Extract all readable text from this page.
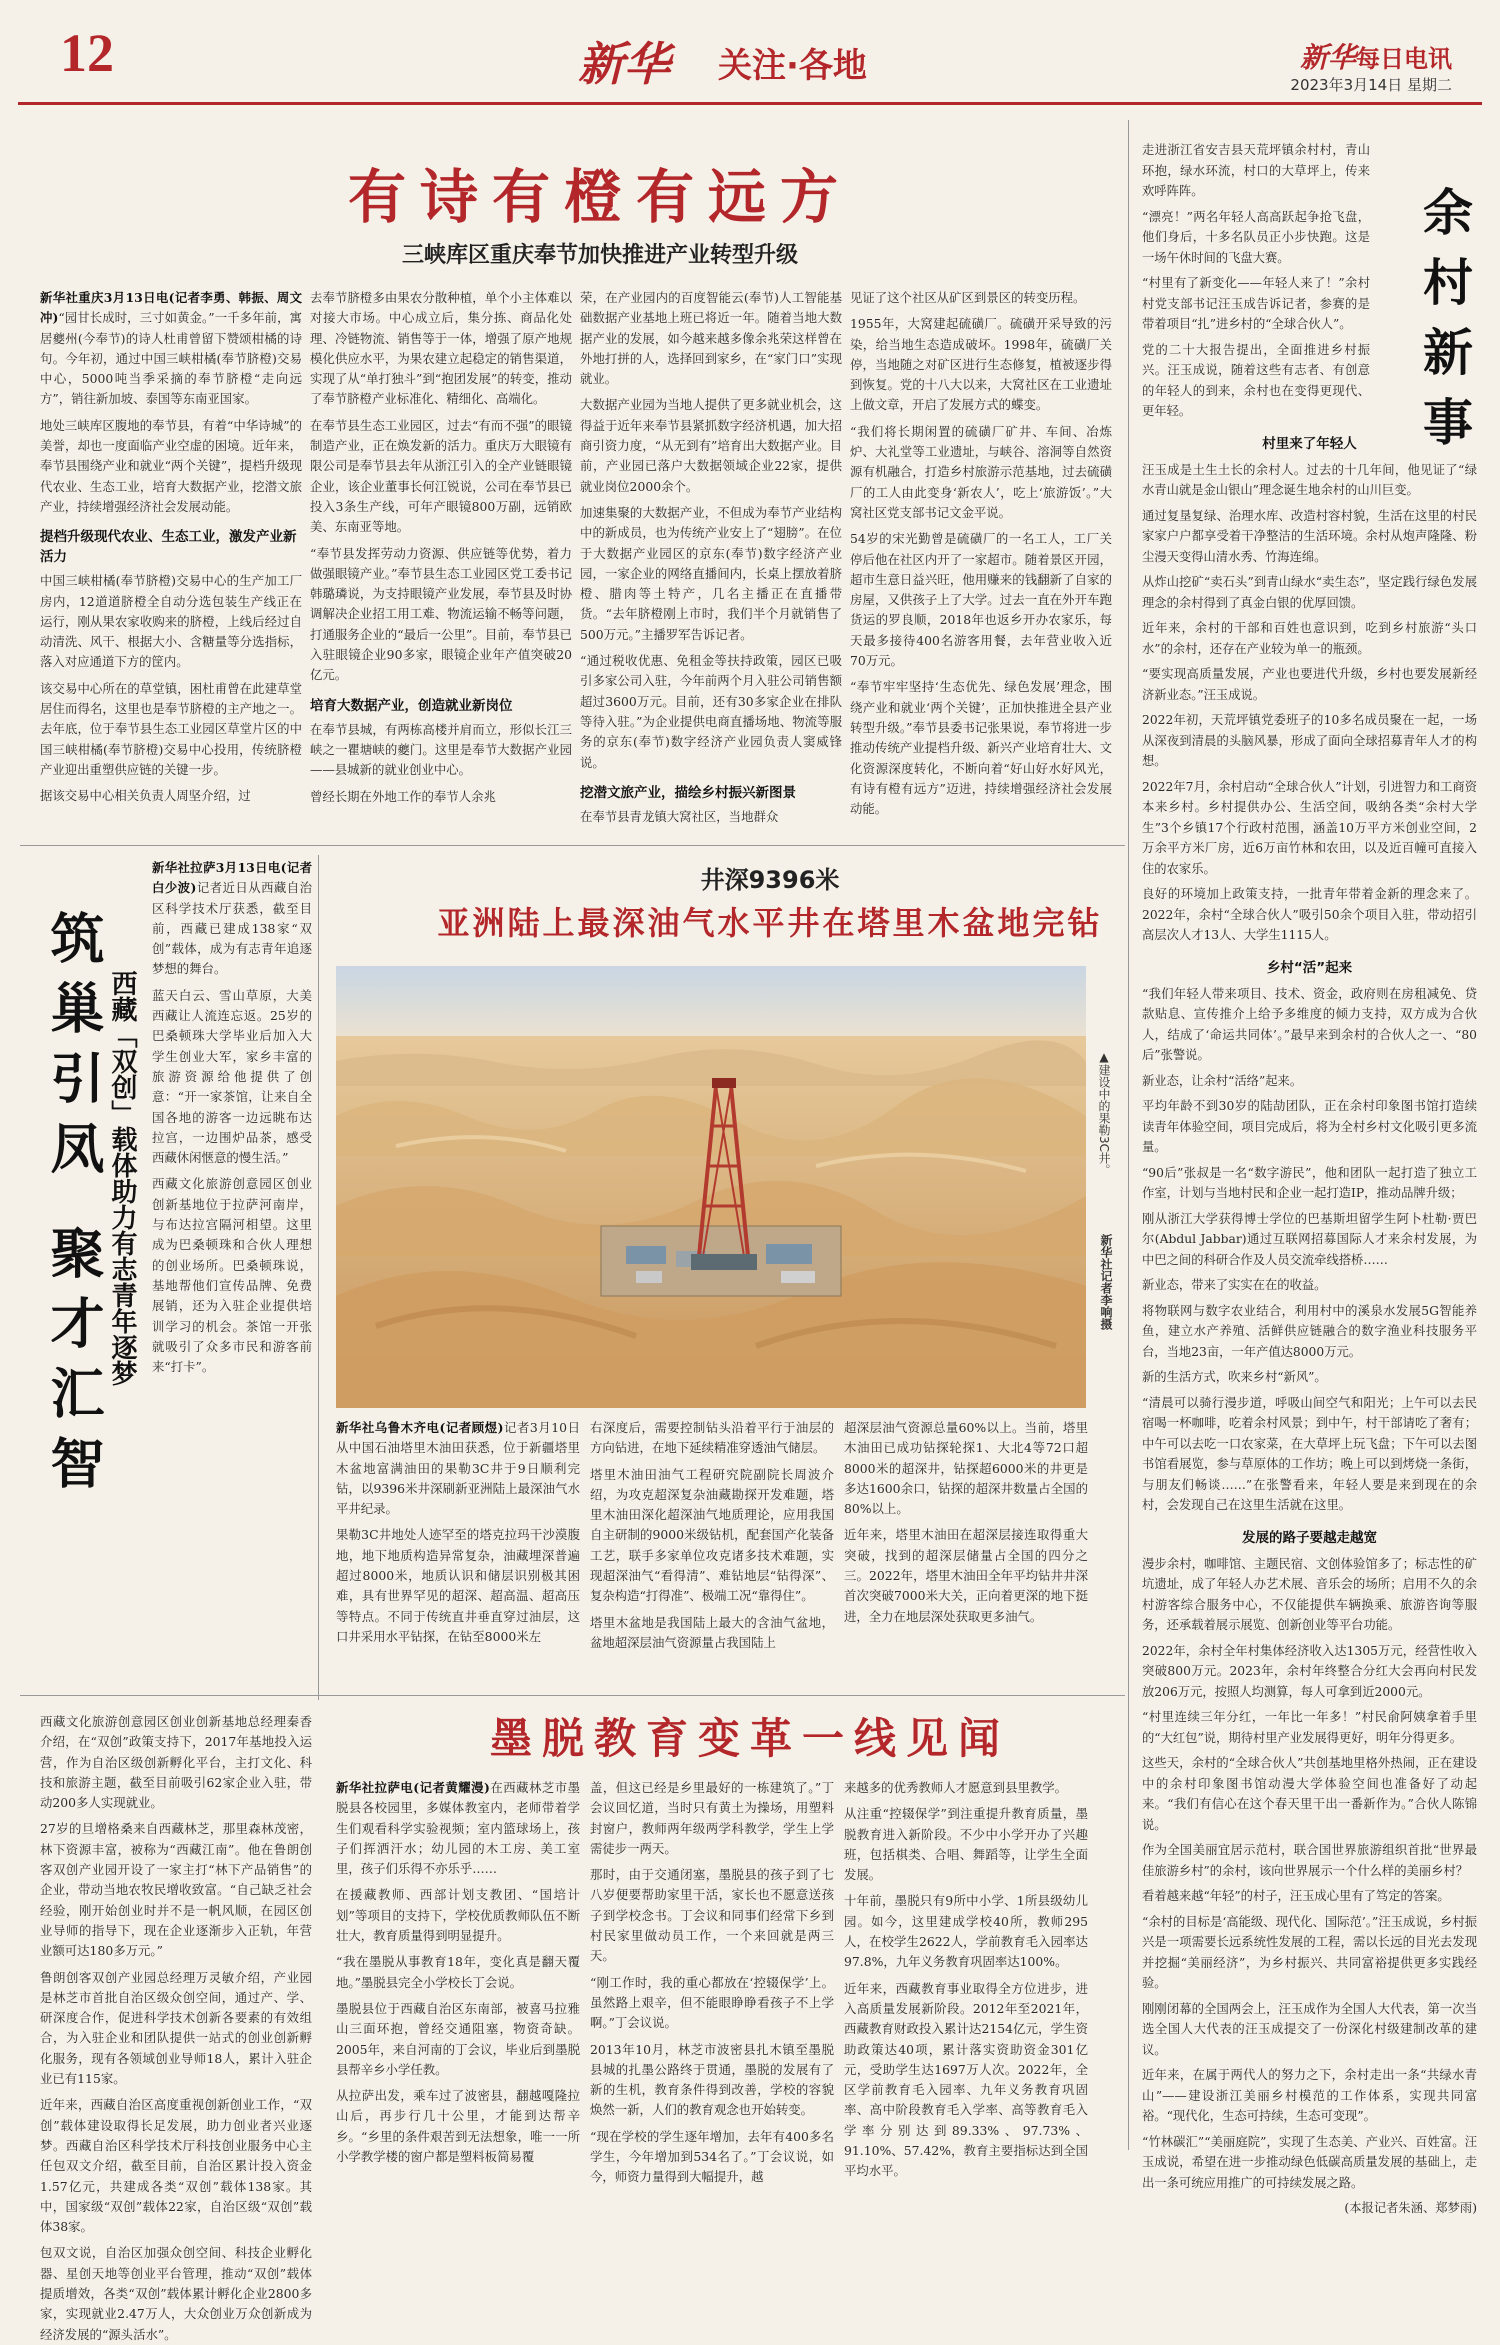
12	新华 关注·各地	新华每日电讯
2023年3月14日 星期二
有诗有橙有远方
三峡库区重庆奉节加快推进产业转型升级

新华社重庆3月13日电(记者李勇、韩振、周文冲)“园甘长成时，三寸如黄金。”一千多年前，寓居夔州(今奉节)的诗人杜甫曾留下赞颂柑橘的诗句。今年初，通过中国三峡柑橘(奉节脐橙)交易中心，5000吨当季采摘的奉节脐橙“走向远方”，销往新加坡、泰国等东南亚国家。

地处三峡库区腹地的奉节县，有着“中华诗城”的美誉，却也一度面临产业空虚的困境。近年来，奉节县围绕产业和就业“两个关键”，提档升级现代农业、生态工业，培育大数据产业，挖潜文旅产业，持续增强经济社会发展动能。

提档升级现代农业、生态工业，激发产业新活力

中国三峡柑橘(奉节脐橙)交易中心的生产加工厂房内，12道道脐橙全自动分选包装生产线正在运行，刚从果农家收购来的脐橙，上线后经过自动清洗、风干、根据大小、含糖量等分选指标，落入对应通道下方的筐内。

该交易中心所在的草堂镇，困杜甫曾在此建草堂居住而得名，这里也是奉节脐橙的主产地之一。去年底，位于奉节县生态工业园区草堂片区的中国三峡柑橘(奉节脐橙)交易中心投用，传统脐橙产业迎出重塑供应链的关键一步。

据该交易中心相关负责人周坚介绍，过

去奉节脐橙多由果农分散种植，单个小主体难以对接大市场。中心成立后，集分拣、商品化处理、冷链物流、销售等于一体，增强了原产地规模化供应水平，为果农建立起稳定的销售渠道，实现了从“单打独斗”到“抱团发展”的转变，推动了奉节脐橙产业标准化、精细化、高端化。

在奉节县生态工业园区，过去“有而不强”的眼镜制造产业，正在焕发新的活力。重庆万大眼镜有限公司是奉节县去年从浙江引入的全产业链眼镜企业，该企业董事长何江锐说，公司在奉节县已投入3条生产线，可年产眼镜800万副，远销欧美、东南亚等地。

“奉节县发挥劳动力资源、供应链等优势，着力做强眼镜产业。”奉节县生态工业园区党工委书记韩璐璘说，为支持眼镜产业发展，奉节县及时协调解决企业招工用工难、物流运输不畅等问题，打通服务企业的“最后一公里”。目前，奉节县已入驻眼镜企业90多家，眼镜企业年产值突破20亿元。

培育大数据产业，创造就业新岗位

在奉节县城，有两栋高楼并肩而立，形似长江三峡之一瞿塘峡的夔门。这里是奉节大数据产业园——县城新的就业创业中心。

曾经长期在外地工作的奉节人余兆

荣，在产业园内的百度智能云(奉节)人工智能基础数据产业基地上班已将近一年。随着当地大数据产业的发展，如今越来越多像余兆荣这样曾在外地打拼的人，选择回到家乡，在“家门口”实现就业。

大数据产业园为当地人提供了更多就业机会，这得益于近年来奉节县紧抓数字经济机遇，加大招商引资力度，“从无到有”培育出大数据产业。目前，产业园已落户大数据领域企业22家，提供就业岗位2000余个。

加速集聚的大数据产业，不但成为奉节产业结构中的新成员，也为传统产业安上了“翅膀”。在位于大数据产业园区的京东(奉节)数字经济产业园，一家企业的网络直播间内，长桌上摆放着脐橙、腊肉等土特产，几名主播正在直播带货。“去年脐橙刚上市时，我们半个月就销售了500万元。”主播罗军告诉记者。

“通过税收优惠、免租金等扶持政策，园区已吸引多家公司入驻，今年前两个月入驻公司销售额超过3600万元。目前，还有30多家企业在排队等待入驻。”为企业提供电商直播场地、物流等服务的京东(奉节)数字经济产业园负责人窦威锋说。

挖潜文旅产业，描绘乡村振兴新图景

在奉节县青龙镇大窝社区，当地群众

见证了这个社区从矿区到景区的转变历程。

1955年，大窝建起硫磺厂。硫磺开采导致的污染，给当地生态造成破坏。1998年，硫磺厂关停，当地随之对矿区进行生态修复，植被逐步得到恢复。党的十八大以来，大窝社区在工业遗址上做文章，开启了发展方式的蝶变。

“我们将长期闲置的硫磺厂矿井、车间、冶炼炉、大礼堂等工业遗址，与峡谷、溶洞等自然资源有机融合，打造乡村旅游示范基地，过去硫磺厂的工人由此变身‘新农人’，吃上‘旅游饭’。”大窝社区党支部书记文金平说。

54岁的宋光勤曾是硫磺厂的一名工人，工厂关停后他在社区内开了一家超市。随着景区开园，超市生意日益兴旺，他用赚来的钱翻新了自家的房屋，又供孩子上了大学。过去一直在外开车跑货运的罗良顺，2018年也返乡开办农家乐，每天最多接待400名游客用餐，去年营业收入近70万元。

“奉节牢牢坚持‘生态优先、绿色发展’理念，围绕产业和就业‘两个关键’，正加快推进全县产业转型升级。”奉节县委书记张果说，奉节将进一步推动传统产业提档升级、新兴产业培育壮大、文化资源深度转化，不断向着“好山好水好风光，有诗有橙有远方”迈进，持续增强经济社会发展动能。

筑巢引凤 聚才汇智 西藏「双创」载体助力有志青年逐梦

新华社拉萨3月13日电(记者白少波)记者近日从西藏自治区科学技术厅获悉，截至目前，西藏已建成138家“双创”载体，成为有志青年追逐梦想的舞台。

蓝天白云、雪山草原，大美西藏让人流连忘返。25岁的巴桑顿珠大学毕业后加入大学生创业大军，家乡丰富的旅游资源给他提供了创意：“开一家茶馆，让来自全国各地的游客一边远眺布达拉宫，一边围炉品茶，感受西藏休闲惬意的慢生活。”

西藏文化旅游创意园区创业创新基地位于拉萨河南岸，与布达拉宫隔河相望。这里成为巴桑顿珠和合伙人理想的创业场所。巴桑顿珠说，基地帮他们宣传品牌、免费展销，还为入驻企业提供培训学习的机会。茶馆一开张就吸引了众多市民和游客前来“打卡”。

西藏文化旅游创意园区创业创新基地总经理秦香介绍，在“双创”政策支持下，2017年基地投入运营，作为自治区级创新孵化平台，主打文化、科技和旅游主题，截至目前吸引62家企业入驻，带动200多人实现就业。

27岁的旦增格桑来自西藏林芝，那里森林茂密，林下资源丰富，被称为“西藏江南”。他在鲁朗创客双创产业园开设了一家主打“林下产品销售”的企业，带动当地农牧民增收致富。“自己缺乏社会经验，刚开始创业时并不是一帆风顺，在园区创业导师的指导下，现在企业逐渐步入正轨，年营业额可达180多万元。”

鲁朗创客双创产业园总经理万灵敏介绍，产业园是林芝市首批自治区级众创空间，通过产、学、研深度合作，促进科学技术创新各要素的有效组合，为入驻企业和团队提供一站式的创业创新孵化服务，现有各领域创业导师18人，累计入驻企业已有115家。

近年来，西藏自治区高度重视创新创业工作，“双创”载体建设取得长足发展，助力创业者兴业逐梦。西藏自治区科学技术厅科技创业服务中心主任包双文介绍，截至目前，自治区累计投入资金1.57亿元，共建成各类“双创”载体138家。其中，国家级“双创”载体22家，自治区级“双创”载体38家。

包双文说，自治区加强众创空间、科技企业孵化器、星创天地等创业平台管理，推动“双创”载体提质增效，各类“双创”载体累计孵化企业2800多家，实现就业2.47万人，大众创业万众创新成为经济发展的“源头活水”。

井深9396米
亚洲陆上最深油气水平井在塔里木盆地完钻
▲建设中的果勒3C井。
新华社记者李响摄

新华社乌鲁木齐电(记者顾煜)记者3月10日从中国石油塔里木油田获悉，位于新疆塔里木盆地富满油田的果勒3C井于9日顺利完钻，以9396米井深刷新亚洲陆上最深油气水平井纪录。

果勒3C井地处人迹罕至的塔克拉玛干沙漠腹地，地下地质构造异常复杂，油藏埋深普遍超过8000米，地质认识和储层识别极其困难，具有世界罕见的超深、超高温、超高压等特点。不同于传统直井垂直穿过油层，这口井采用水平钻探，在钻至8000米左

右深度后，需要控制钻头沿着平行于油层的方向钻进，在地下延续精准穿透油气储层。

塔里木油田油气工程研究院副院长周波介绍，为攻克超深复杂油藏勘探开发难题，塔里木油田深化超深油气地质理论，应用我国自主研制的9000米级钻机，配套国产化装备工艺，联手多家单位攻克诸多技术难题，实现超深油气“看得清”、难钻地层“钻得深”、复杂构造“打得准”、极端工况“靠得住”。

塔里木盆地是我国陆上最大的含油气盆地，盆地超深层油气资源量占我国陆上

超深层油气资源总量60%以上。当前，塔里木油田已成功钻探轮探1、大北4等72口超8000米的超深井，钻探超6000米的井更是多达1600余口，钻探的超深井数量占全国的80%以上。

近年来，塔里木油田在超深层接连取得重大突破，找到的超深层储量占全国的四分之三。2022年，塔里木油田全年平均钻井井深首次突破7000米大关，正向着更深的地下挺进，全力在地层深处获取更多油气。

墨脱教育变革一线见闻

新华社拉萨电(记者黄耀漫)在西藏林芝市墨脱县各校园里，多媒体教室内，老师带着学生们观看科学实验视频；室内篮球场上，孩子们挥洒汗水；幼儿园的木工房、美工室里，孩子们乐得不亦乐乎……

在援藏教师、西部计划支教团、“国培计划”等项目的支持下，学校优质教师队伍不断壮大，教育质量得到明显提升。

“我在墨脱从事教育18年，变化真是翻天覆地。”墨脱县完全小学校长丁会说。

墨脱县位于西藏自治区东南部，被喜马拉雅山三面环抱，曾经交通阻塞，物资奇缺。2005年，来自河南的丁会议，毕业后到墨脱县帮辛乡小学任教。

从拉萨出发，乘车过了波密县，翻越嘎隆拉山后，再步行几十公里，才能到达帮辛乡。“乡里的条件艰苦到无法想象，唯一一所小学教学楼的窗户都是塑料板简易覆

盖，但这已经是乡里最好的一栋建筑了。”丁会议回忆道，当时只有黄土为操场，用塑料封窗户，教师两年级两学科教学，学生上学需徒步一两天。

那时，由于交通闭塞，墨脱县的孩子到了七八岁便要帮助家里干活，家长也不愿意送孩子到学校念书。丁会议和同事们经常下乡到村民家里做动员工作，一个来回就是两三天。

“刚工作时，我的重心都放在‘控辍保学’上。虽然路上艰辛，但不能眼睁睁看孩子不上学啊。”丁会议说。

2013年10月，林芝市波密县扎木镇至墨脱县城的扎墨公路终于贯通，墨脱的发展有了新的生机，教育条件得到改善，学校的容貌焕然一新，人们的教育观念也开始转变。

“现在学校的学生逐年增加，去年有400多名学生，今年增加到534名了。”丁会议说，如今，师资力量得到大幅提升，越

来越多的优秀教师人才愿意到县里教学。

从注重“控辍保学”到注重提升教育质量，墨脱教育进入新阶段。不少中小学开办了兴趣班，包括棋类、合唱、舞蹈等，让学生全面发展。

十年前，墨脱只有9所中小学、1所县级幼儿园。如今，这里建成学校40所，教师295人，在校学生2622人，学前教育毛入园率达97.8%，九年义务教育巩固率达100%。

近年来，西藏教育事业取得全方位进步，进入高质量发展新阶段。2012年至2021年，西藏教育财政投入累计达2154亿元，学生资助政策达40项，累计落实资助资金301亿元，受助学生达1697万人次。2022年，全区学前教育毛入园率、九年义务教育巩固率、高中阶段教育毛入学率、高等教育毛入学率分别达到89.33%、97.73%、91.10%、57.42%，教育主要指标达到全国平均水平。

余村新事

走进浙江省安吉县天荒坪镇余村村，青山环抱，绿水环流，村口的大草坪上，传来欢呼阵阵。

“漂亮！”两名年轻人高高跃起争抢飞盘，他们身后，十多名队员正小步快跑。这是一场午休时间的飞盘大赛。

“村里有了新变化——年轻人来了！”余村村党支部书记汪玉成告诉记者，参赛的是带着项目“扎”进乡村的“全球合伙人”。

党的二十大报告提出，全面推进乡村振兴。汪玉成说，随着这些有志者、有创意的年轻人的到来，余村也在变得更现代、更年轻。

村里来了年轻人

汪玉成是土生土长的余村人。过去的十几年间，他见证了“绿水青山就是金山银山”理念诞生地余村的山川巨变。

通过复垦复绿、治理水库、改造村容村貌，生活在这里的村民家家户户都享受着干净整洁的生活环境。余村从炮声隆隆、粉尘漫天变得山清水秀、竹海连绵。

从炸山挖矿“卖石头”到青山绿水“卖生态”，坚定践行绿色发展理念的余村得到了真金白银的优厚回馈。

近年来，余村的干部和百姓也意识到，吃到乡村旅游“头口水”的余村，还存在产业较为单一的瓶颈。

“要实现高质量发展，产业也要进代升级，乡村也要发展新经济新业态。”汪玉成说。

2022年初，天荒坪镇党委班子的10多名成员聚在一起，一场从深夜到清晨的头脑风暴，形成了面向全球招募青年人才的构想。

2022年7月，余村启动“全球合伙人”计划，引进智力和工商资本来乡村。乡村提供办公、生活空间，吸纳各类“余村大学生”3个乡镇17个行政村范围，涵盖10万平方米创业空间，2万余平方米厂房，近6万亩竹林和农田，以及近百幢可直接入住的农家乐。

良好的环境加上政策支持，一批青年带着金新的理念来了。2022年，余村“全球合伙人”吸引50余个项目入驻，带动招引高层次人才13人、大学生1115人。

乡村“活”起来

“我们年轻人带来项目、技术、资金，政府则在房租减免、贷款贴息、宣传推介上给予多维度的倾力支持，双方成为合伙人，结成了‘命运共同体’。”最早来到余村的合伙人之一、“80后”张警说。

新业态，让余村“活络”起来。

平均年龄不到30岁的陆劼团队，正在余村印象图书馆打造续读青年体验空间，项目完成后，将为全村乡村文化吸引更多流量。

“90后”张叔是一名“数字游民”，他和团队一起打造了独立工作室，计划与当地村民和企业一起打造IP，推动品牌升级；

刚从浙江大学获得博士学位的巴基斯坦留学生阿卜杜勒·贾巴尔(Abdul Jabbar)通过互联网招募国际人才来余村发展，为中巴之间的科研合作及人员交流牵线搭桥……

新业态，带来了实实在在的收益。

将物联网与数字农业结合，利用村中的溪泉水发展5G智能养鱼，建立水产养殖、活鲜供应链融合的数字渔业科技服务平台，当地23亩，一年产值达8000万元。

新的生活方式，吹来乡村“新风”。

“清晨可以骑行漫步道，呼吸山间空气和阳光；上午可以去民宿喝一杯咖啡，吃着余村风景；到中午，村干部请吃了奢有；中午可以去吃一口农家菜，在大草坪上玩飞盘；下午可以去图书馆看展览，参与草原体的工作坊；晚上可以到烤烧一条街，与朋友们畅谈……”在张警看来，年轻人要是来到现在的余村，会发现自己在这里生活就在这里。

发展的路子要越走越宽

漫步余村，咖啡馆、主题民宿、文创体验馆多了；标志性的矿坑遗址，成了年轻人办艺术展、音乐会的场所；启用不久的余村游客综合服务中心，不仅能提供车辆换乘、旅游咨询等服务，还承载着展示展览、创新创业等平台功能。

2022年，余村全年村集体经济收入达1305万元，经营性收入突破800万元。2023年，余村年终整合分红大会再向村民发放206万元，按照人均测算，每人可拿到近2000元。

“村里连续三年分红，一年比一年多！”村民俞阿姨拿着手里的“大红包”说，期待村里产业发展得更好，明年分得更多。

这些天，余村的“全球合伙人”共创基地里格外热闹，正在建设中的余村印象图书馆动漫大学体验空间也准备好了动起来。“我们有信心在这个春天里干出一番新作为。”合伙人陈锦说。

作为全国美丽宜居示范村，联合国世界旅游组织首批“世界最佳旅游乡村”的余村，该向世界展示一个什么样的美丽乡村？

看着越来越“年轻”的村子，汪玉成心里有了笃定的答案。

“余村的目标是‘高能级、现代化、国际范’。”汪玉成说，乡村振兴是一项需要长远系统性发展的工程，需以长远的目光去发现并挖掘“美丽经济”，为乡村振兴、共同富裕提供更多实践经验。

刚刚闭幕的全国两会上，汪玉成作为全国人大代表，第一次当选全国人大代表的汪玉成提交了一份深化村级建制改革的建议。

近年来，在属于两代人的努力之下，余村走出一条“共绿水青山”——建设浙江美丽乡村模范的工作体系，实现共同富裕。“现代化，生态可持续，生态可变现”。

“竹林碳汇”“美丽庭院”，实现了生态美、产业兴、百姓富。汪玉成说，希望在进一步推动绿色低碳高质量发展的基础上，走出一条可统应用推广的可持续发展之路。

(本报记者朱涵、郑梦雨)
